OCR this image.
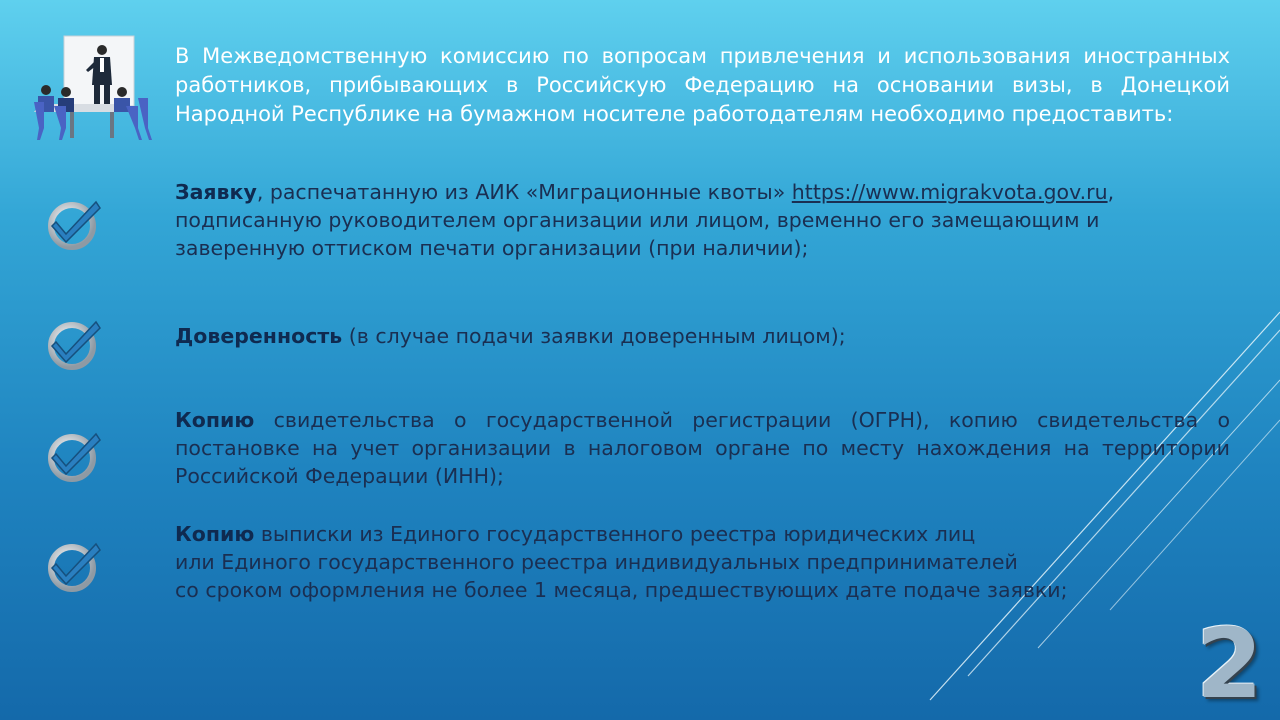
В Межведомственную комиссию по вопросам привлечения и использования иностранных работников, прибывающих в Российскую Федерацию на основании визы, в Донецкой Народной Республике на бумажном носителе работодателям необходимо предоставить:

Заявку, распечатанную из АИК «Миграционные квоты» https://www.migrakvota.gov.ru, подписанную руководителем организации или лицом, временно его замещающим и заверенную оттиском печати организации (при наличии);

Доверенность (в случае подачи заявки доверенным лицом);

Копию свидетельства о государственной регистрации (ОГРН), копию свидетельства о постановке на учет организации в налоговом органе по месту нахождения на территории Российской Федерации (ИНН);

Копию выписки из Единого государственного реестра юридических лиц
или Единого государственного реестра индивидуальных предпринимателей
со сроком оформления не более 1 месяца, предшествующих дате подаче заявки;

2
